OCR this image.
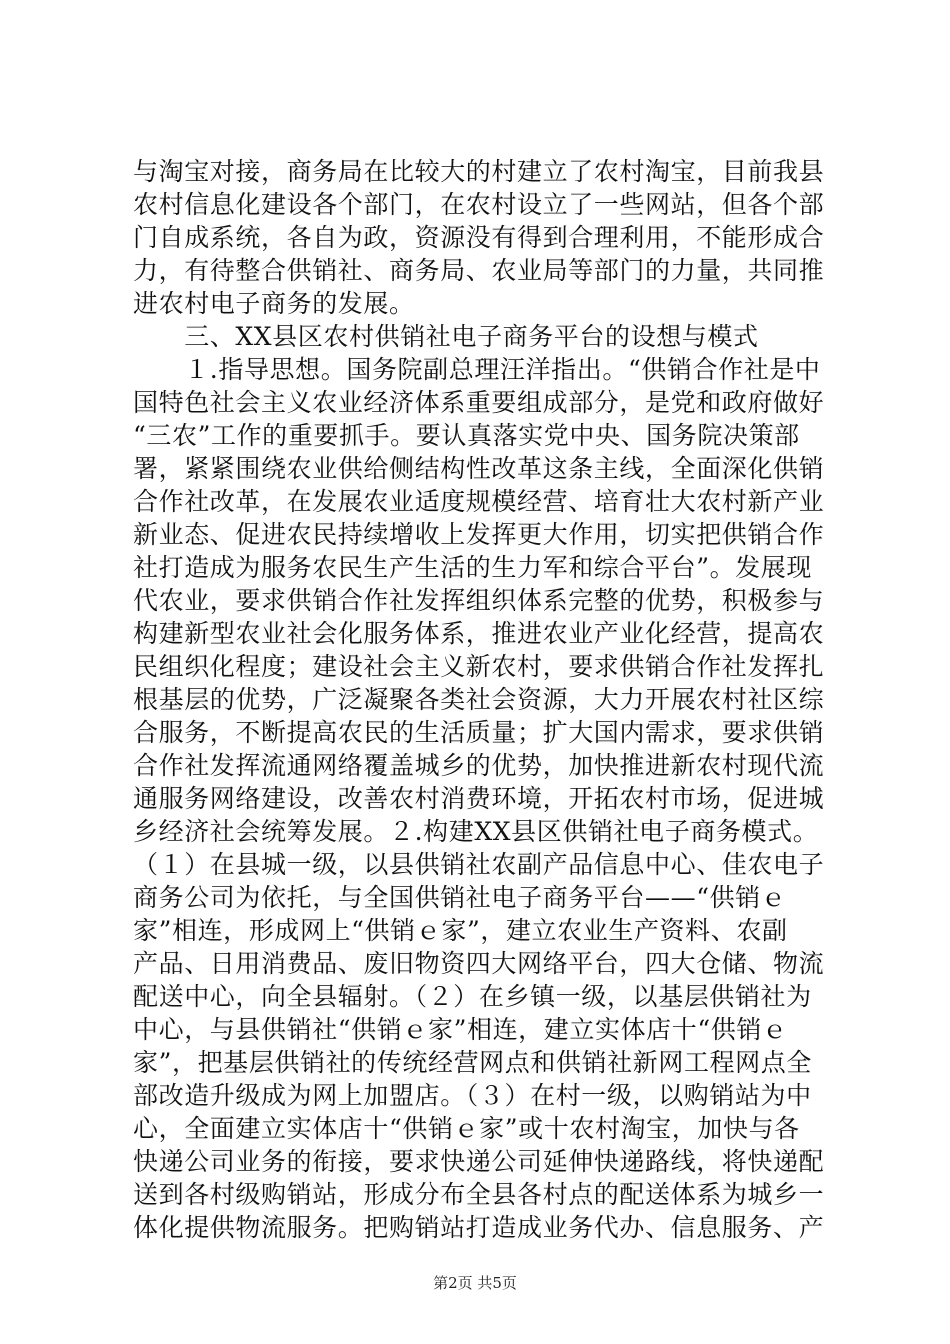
与淘宝对接，商务局在比较大的村建立了农村淘宝，目前我县
农村信息化建设各个部门，在农村设立了一些网站，但各个部
门自成系统，各自为政，资源没有得到合理利用，不能形成合
力，有待整合供销社、商务局、农业局等部门的力量，共同推
进农村电子商务的发展。
　　三、XX县区农村供销社电子商务平台的设想与模式
　　１.指导思想。国务院副总理汪洋指出。“供销合作社是中
国特色社会主义农业经济体系重要组成部分，是党和政府做好
“三农”工作的重要抓手。要认真落实党中央、国务院决策部
署，紧紧围绕农业供给侧结构性改革这条主线，全面深化供销
合作社改革，在发展农业适度规模经营、培育壮大农村新产业
新业态、促进农民持续增收上发挥更大作用，切实把供销合作
社打造成为服务农民生产生活的生力军和综合平台”。发展现
代农业，要求供销合作社发挥组织体系完整的优势，积极参与
构建新型农业社会化服务体系，推进农业产业化经营，提高农
民组织化程度；建设社会主义新农村，要求供销合作社发挥扎
根基层的优势，广泛凝聚各类社会资源，大力开展农村社区综
合服务，不断提高农民的生活质量；扩大国内需求，要求供销
合作社发挥流通网络覆盖城乡的优势，加快推进新农村现代流
通服务网络建设，改善农村消费环境，开拓农村市场，促进城
乡经济社会统筹发展。２.构建XX县区供销社电子商务模式。
（１）在县城一级，以县供销社农副产品信息中心、佳农电子
商务公司为依托，与全国供销社电子商务平台——“供销ｅ
家”相连，形成网上“供销ｅ家”，建立农业生产资料、农副
产品、日用消费品、废旧物资四大网络平台，四大仓储、物流
配送中心，向全县辐射。（２）在乡镇一级，以基层供销社为
中心，与县供销社“供销ｅ家”相连，建立实体店十“供销ｅ
家”，把基层供销社的传统经营网点和供销社新网工程网点全
部改造升级成为网上加盟店。（３）在村一级，以购销站为中
心，全面建立实体店十“供销ｅ家”或十农村淘宝，加快与各
快递公司业务的衔接，要求快递公司延伸快递路线，将快递配
送到各村级购销站，形成分布全县各村点的配送体系为城乡一
体化提供物流服务。把购销站打造成业务代办、信息服务、产
第2页 共5页
